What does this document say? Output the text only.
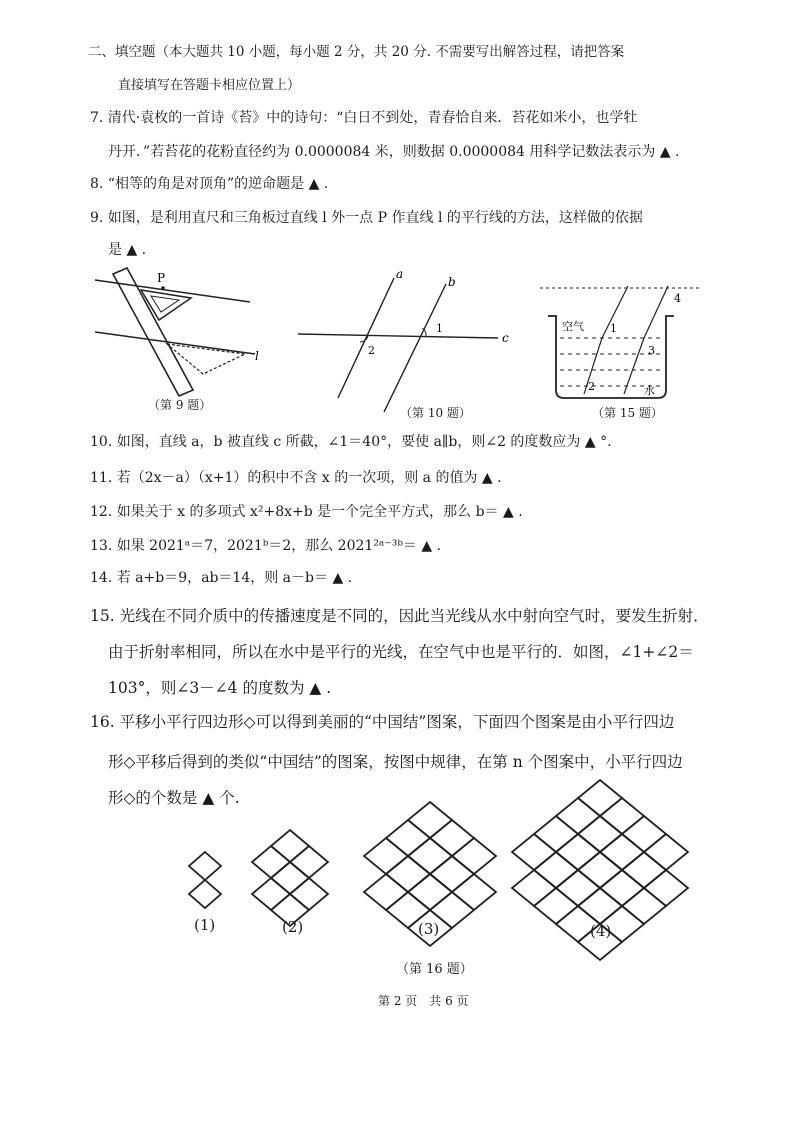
二、填空题（本大题共 10 小题，每小题 2 分，共 20 分. 不需要写出解答过程，请把答案
直接填写在答题卡相应位置上）
7. 清代·袁枚的一首诗《苔》中的诗句：“白日不到处，青春恰自来．苔花如米小，也学牡
丹开．”若苔花的花粉直径约为 0.0000084 米，则数据 0.0000084 用科学记数法表示为 ▲ .
8. “相等的角是对顶角”的逆命题是 ▲ .
9. 如图，是利用直尺和三角板过直线 l 外一点 P 作直线 l 的平行线的方法，这样做的依据
是 ▲ .
P
l
（第 9 题）
a
b
c
1
2
（第 10 题）
空气
水
1
2
3
4
（第 15 题）
10. 如图，直线 a，b 被直线 c 所截，∠1＝40°，要使 a∥b，则∠2 的度数应为 ▲ °.
11. 若（2x－a）（x+1）的积中不含 x 的一次项，则 a 的值为 ▲ .
12. 如果关于 x 的多项式 x²+8x+b 是一个完全平方式，那么 b＝ ▲ .
13. 如果 2021ᵃ＝7，2021ᵇ＝2，那么 2021²ᵃ⁻³ᵇ＝ ▲ .
14. 若 a+b＝9，ab＝14，则 a－b＝ ▲ .
15. 光线在不同介质中的传播速度是不同的，因此当光线从水中射向空气时，要发生折射．
由于折射率相同，所以在水中是平行的光线，在空气中也是平行的．如图，∠1+∠2＝
103°，则∠3－∠4 的度数为 ▲ .
16. 平移小平行四边形◇可以得到美丽的“中国结”图案，下面四个图案是由小平行四边
形◇平移后得到的类似“中国结”的图案，按图中规律，在第 n 个图案中，小平行四边
形◇的个数是 ▲ 个.
(1)	(2)	(3)	(4)
（第 16 题）
第 2 页　共 6 页
